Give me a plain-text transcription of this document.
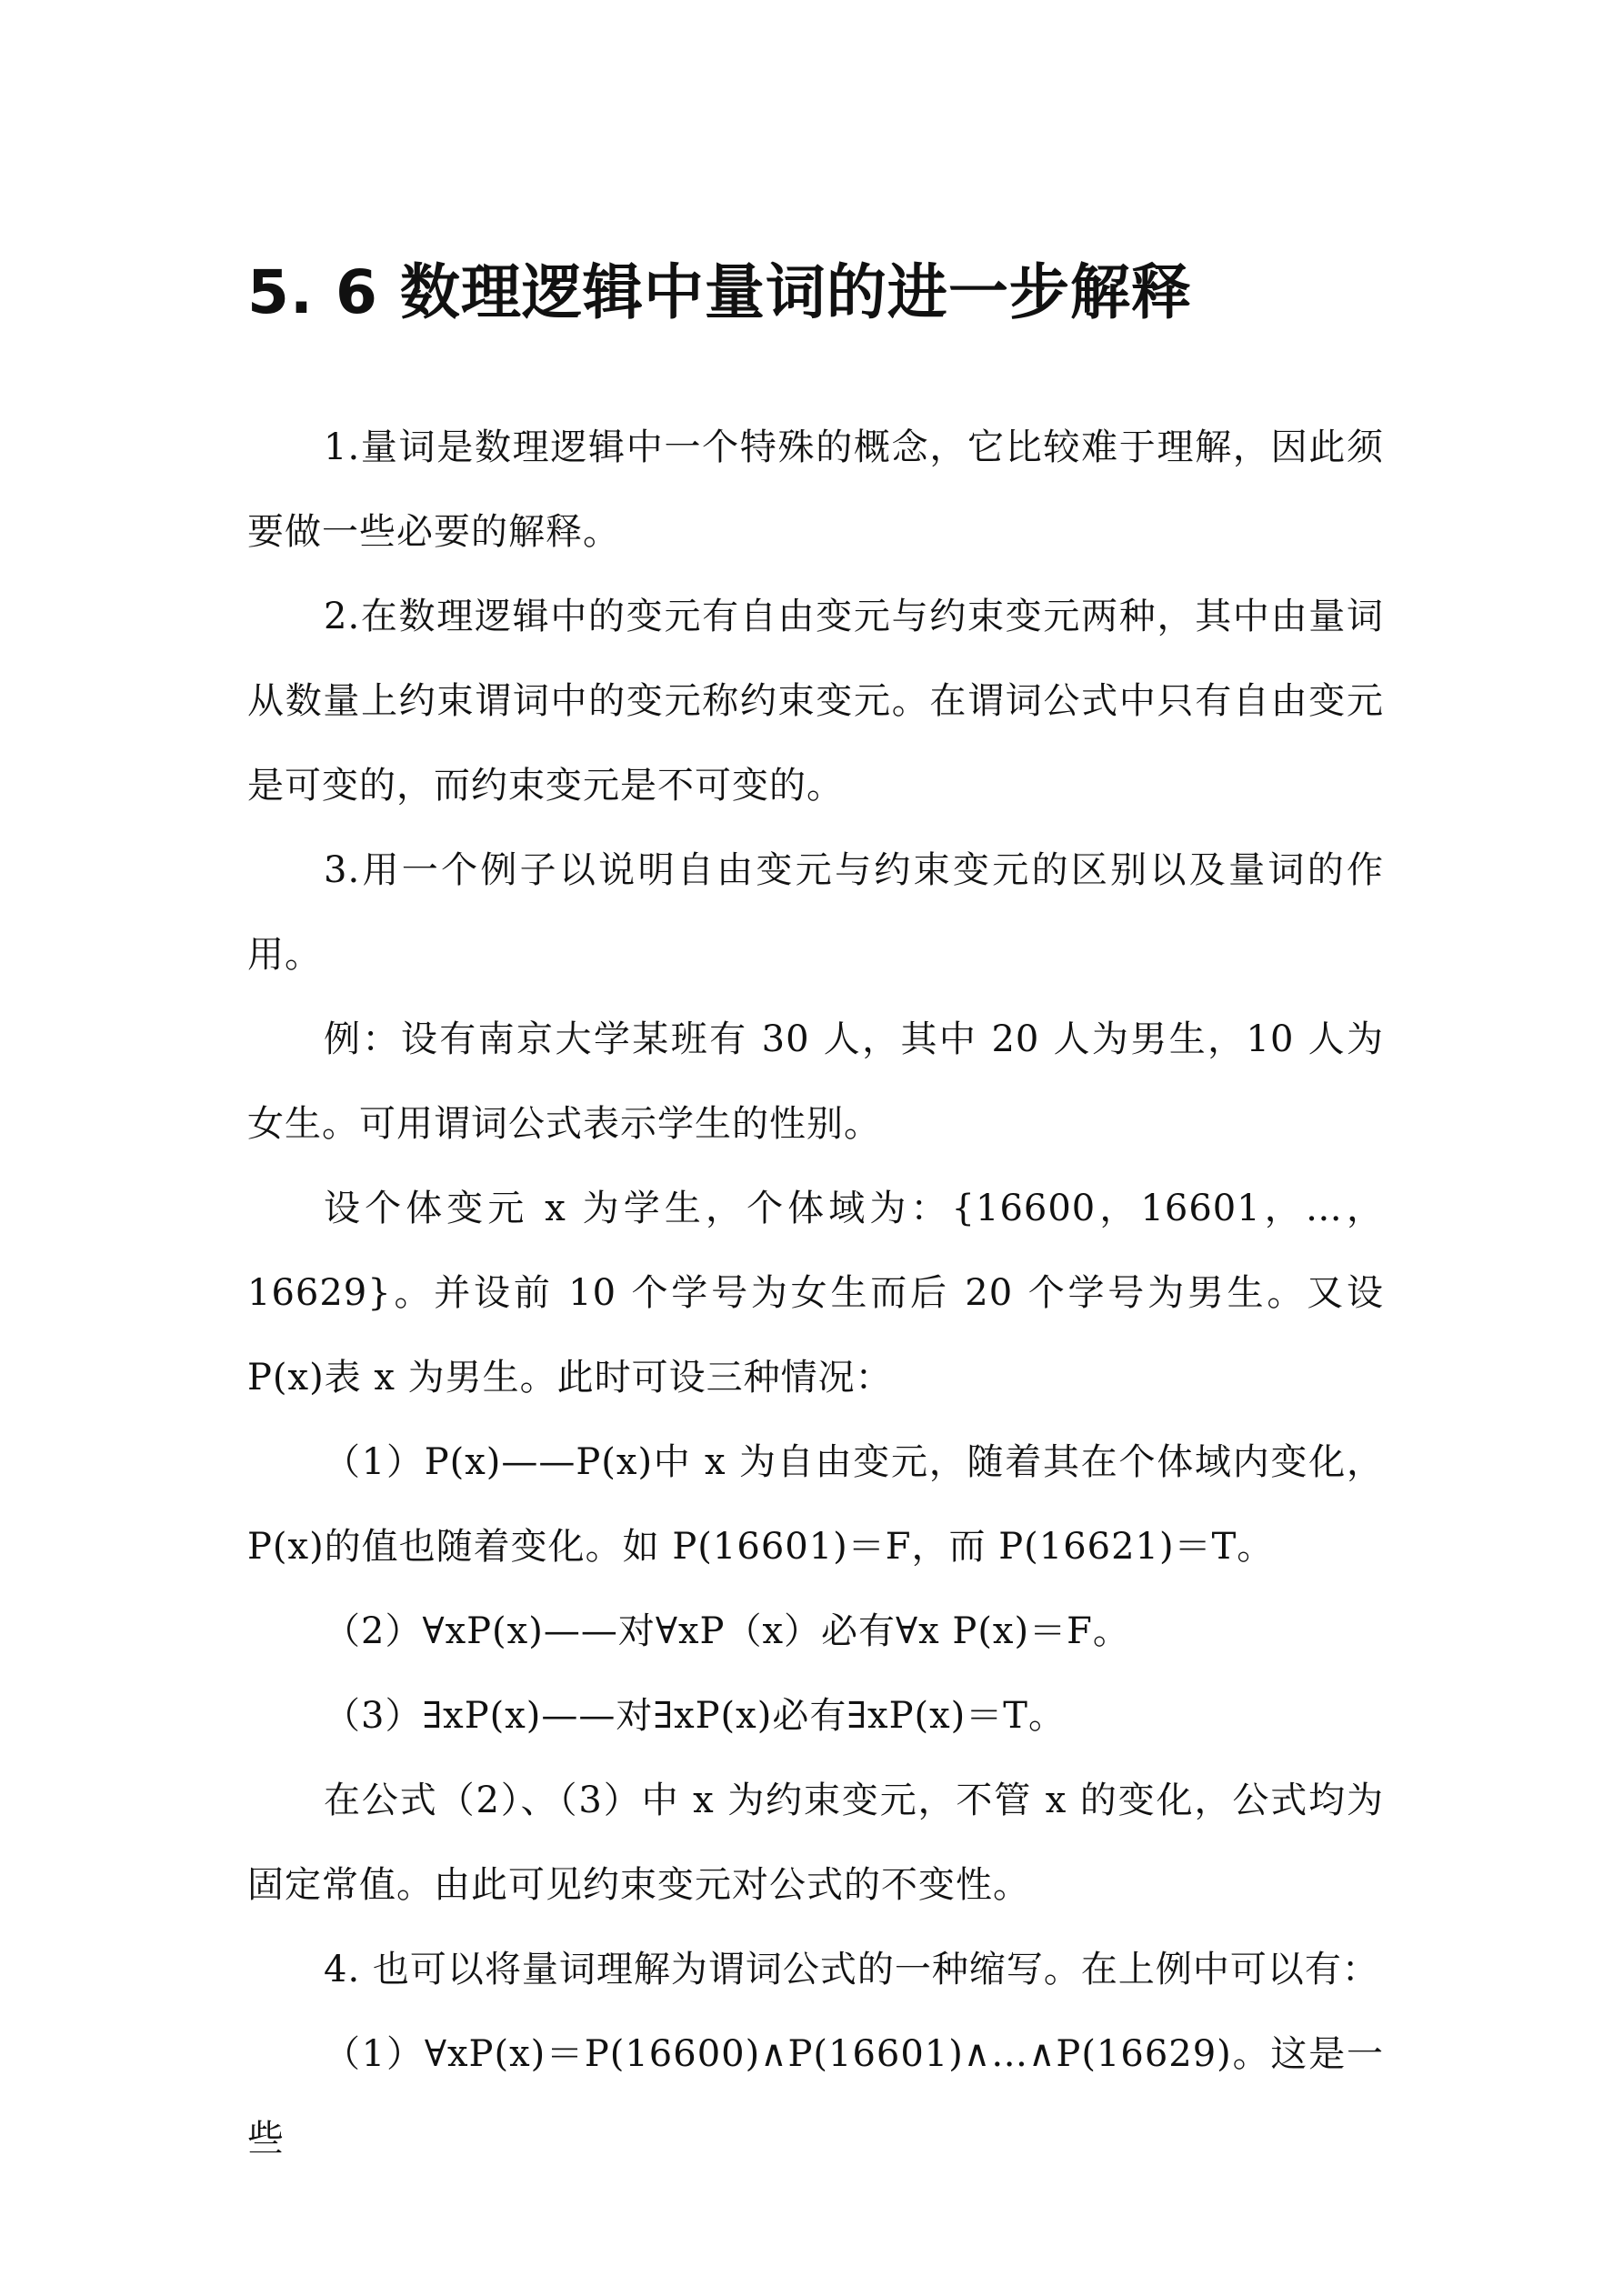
5. 6 数理逻辑中量词的进一步解释

1.量词是数理逻辑中一个特殊的概念，它比较难于理解，因此须要做一些必要的解释。

2.在数理逻辑中的变元有自由变元与约束变元两种，其中由量词从数量上约束谓词中的变元称约束变元。在谓词公式中只有自由变元是可变的，而约束变元是不可变的。

3.用一个例子以说明自由变元与约束变元的区别以及量词的作用。

例：设有南京大学某班有 30 人，其中 20 人为男生，10 人为女生。可用谓词公式表示学生的性别。

设个体变元 x 为学生，个体域为：{16600，16601，…，16629}。并设前 10 个学号为女生而后 20 个学号为男生。又设 P(x)表 x 为男生。此时可设三种情况：

（1）P(x)——P(x)中 x 为自由变元，随着其在个体域内变化，P(x)的值也随着变化。如 P(16601)＝F，而 P(16621)＝T。

（2）∀xP(x)——对∀xP（x）必有∀x P(x)＝F。

（3）∃xP(x)——对∃xP(x)必有∃xP(x)＝T。

在公式（2）、（3）中 x 为约束变元，不管 x 的变化，公式均为固定常值。由此可见约束变元对公式的不变性。

4. 也可以将量词理解为谓词公式的一种缩写。在上例中可以有：

（1）∀xP(x)＝P(16600)∧P(16601)∧…∧P(16629)。这是一些
